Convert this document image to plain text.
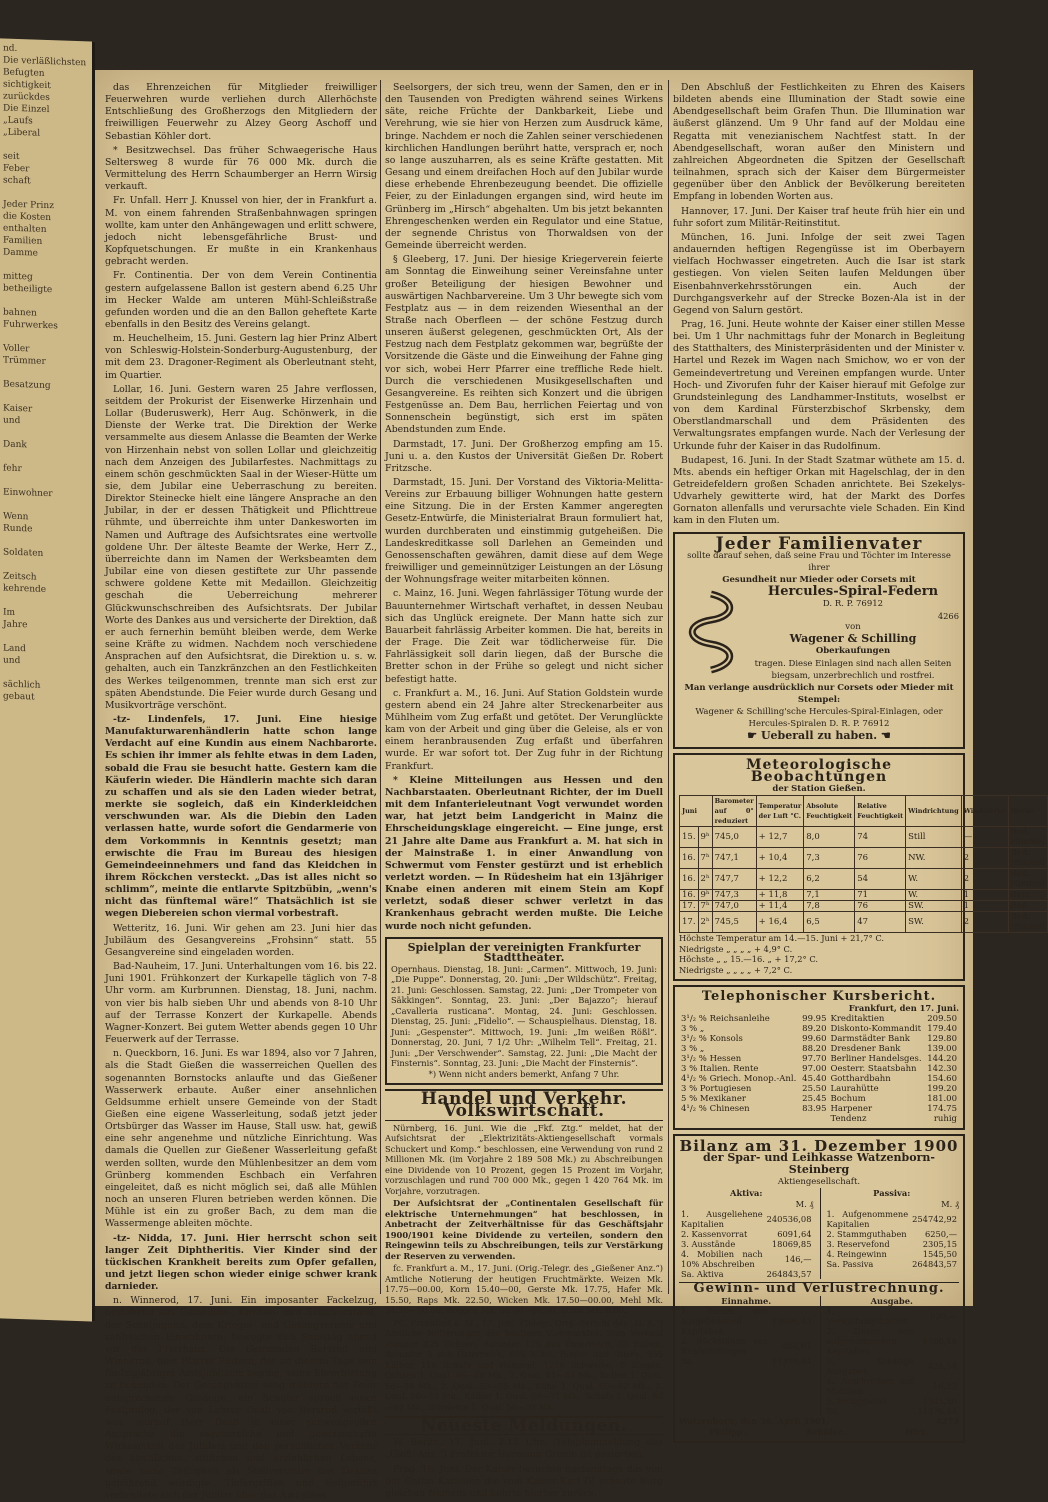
nd.
Die verläßlichsten
Befugten
sichtigkeit
zurückdes
Die Einzel
„Laufs
„Liberal

seit
Feber
schaft

Jeder Prinz
die Kosten
enthalten
Familien
Damme

mitteg
betheiligte

bahnen
Fuhrwerkes

Voller
Trümmer

Besatzung

Kaiser
und

Dank

fehr

Einwohner

Wenn
Runde

Soldaten

Zeitsch
kehrende

Im
Jahre

Land
und

sächlich
gebaut

das Ehrenzeichen für Mitglieder freiwilliger Feuerwehren wurde verliehen durch Allerhöchste Entschließung des Großherzogs den Mitgliedern der freiwilligen Feuerwehr zu Alzey Georg Aschoff und Sebastian Köhler dort.

* Besitzwechsel. Das früher Schwaegerische Haus Seltersweg 8 wurde für 76 000 Mk. durch die Vermittelung des Herrn Schaumberger an Herrn Wirsig verkauft.

Fr. Unfall. Herr J. Knussel von hier, der in Frankfurt a. M. von einem fahrenden Straßenbahnwagen springen wollte, kam unter den Anhängewagen und erlitt schwere, jedoch nicht lebensgefährliche Brust- und Kopfquetschungen. Er mußte in ein Krankenhaus gebracht werden.

Fr. Continentia. Der von dem Verein Continentia gestern aufgelassene Ballon ist gestern abend 6.25 Uhr im Hecker Walde am unteren Mühl-Schleißstraße gefunden worden und die an den Ballon geheftete Karte ebenfalls in den Besitz des Vereins gelangt.

m. Heuchelheim, 15. Juni. Gestern lag hier Prinz Albert von Schleswig-Holstein-Sonderburg-Augustenburg, der mit dem 23. Dragoner-Regiment als Oberleutnant steht, im Quartier.

Lollar, 16. Juni. Gestern waren 25 Jahre verflossen, seitdem der Prokurist der Eisenwerke Hirzenhain und Lollar (Buderuswerk), Herr Aug. Schönwerk, in die Dienste der Werke trat. Die Direktion der Werke versammelte aus diesem Anlasse die Beamten der Werke von Hirzenhain nebst von sollen Lollar und gleichzeitig nach dem Anzeigen des Jubilarfestes. Nachmittags zu einem schön geschmückten Saal in der Wieser-Hütte um sie, dem Jubilar eine Ueberraschung zu bereiten. Direktor Steinecke hielt eine längere Ansprache an den Jubilar, in der er dessen Thätigkeit und Pflichttreue rühmte, und überreichte ihm unter Dankesworten im Namen und Auftrage des Aufsichtsrates eine wertvolle goldene Uhr. Der älteste Beamte der Werke, Herr Z., überreichte dann im Namen der Werksbeamten dem Jubilar eine von diesen gestiftete zur Uhr passende schwere goldene Kette mit Medaillon. Gleichzeitig geschah die Ueberreichung mehrerer Glückwunschschreiben des Aufsichtsrats. Der Jubilar Worte des Dankes aus und versicherte der Direktion, daß er auch fernerhin bemüht bleiben werde, dem Werke seine Kräfte zu widmen. Nachdem noch verschiedene Ansprachen auf den Aufsichtsrat, die Direktion u. s. w. gehalten, auch ein Tanzkränzchen an den Festlichkeiten des Werkes teilgenommen, trennte man sich erst zur späten Abendstunde. Die Feier wurde durch Gesang und Musikvorträge verschönt.

-tz- Lindenfels, 17. Juni. Eine hiesige Manufakturwarenhändlerin hatte schon lange Verdacht auf eine Kundin aus einem Nachbarorte. Es schien ihr immer als fehlte etwas in dem Laden, sobald die Frau sie besucht hatte. Gestern kam die Käuferin wieder. Die Händlerin machte sich daran zu schaffen und als sie den Laden wieder betrat, merkte sie sogleich, daß ein Kinderkleidchen verschwunden war. Als die Diebin den Laden verlassen hatte, wurde sofort die Gendarmerie von dem Vorkommnis in Kenntnis gesetzt; man erwischte die Frau im Bureau des hiesigen Gemeindeeinnehmers und fand das Kleidchen in ihrem Röckchen versteckt. „Das ist alles nicht so schlimm“, meinte die entlarvte Spitzbübin, „wenn's nicht das fünftemal wäre!“ Thatsächlich ist sie wegen Diebereien schon viermal vorbestraft.

Wetteritz, 16. Juni. Wir gehen am 23. Juni hier das Jubiläum des Gesangvereins „Frohsinn“ statt. 55 Gesangvereine sind eingeladen worden.

Bad-Nauheim, 17. Juni. Unterhaltungen vom 16. bis 22. Juni 1901. Frühkonzert der Kurkapelle täglich von 7-8 Uhr vorm. am Kurbrunnen. Dienstag, 18. Juni, nachm. von vier bis halb sieben Uhr und abends von 8-10 Uhr auf der Terrasse Konzert der Kurkapelle. Abends Wagner-Konzert. Bei gutem Wetter abends gegen 10 Uhr Feuerwerk auf der Terrasse.

n. Queckborn, 16. Juni. Es war 1894, also vor 7 Jahren, als die Stadt Gießen die wasserreichen Quellen des sogenannten Bornstocks anlaufte und das Gießener Wasserwerk erbaute. Außer einer ansehnlichen Geldsumme erhielt unsere Gemeinde von der Stadt Gießen eine eigene Wasserleitung, sodaß jetzt jeder Ortsbürger das Wasser im Hause, Stall usw. hat, gewiß eine sehr angenehme und nützliche Einrichtung. Was damals die Quellen zur Gießener Wasserleitung gefaßt werden sollten, wurde den Mühlenbesitzer an dem vom Grünberg kommenden Eschbach ein Verfahren eingeleitet, daß es nicht möglich sei, daß alle Mühlen noch an unseren Fluren betrieben werden können. Die Mühle ist ein zu großer Bach, zu dem man die Wassermenge ableiten möchte.

-tz- Nidda, 17. Juni. Hier herrscht schon seit langer Zeit Diphtheritis. Vier Kinder sind der tückischen Krankheit bereits zum Opfer gefallen, und jetzt liegen schon wieder einige schwer krank darnieder.

n. Winnerod, 17. Juni. Ein imposanter Fackelzug, bestehend aus Gemeinde-, Kirchen- und Schulvorstand, der Schuljugend, dem Krieger- und Gesangvereine und zahlreichen Einwohnern, bewegte sich Samstag abend vor das Pfarrhaus. Die Gemeinden Bersrod und Winnerod, dem Pfarrer Rüdsen, der an diesem Tage sein fünfzigjähriges Amtsjubiläum beging, seine Ehrerbietung zu bekunden. Der Gesangverein sang mehrere der Feier entsprechende Gesänge, ein Schüler sprach einen Festprolog, der von Lehrer Daab von Bersrod verfaßt war, worauf Herr Daab in einer schwungvollen Ansprache die segensreiche und gewissenhafte Wirksamkeit des Jubilars und den persönlichen Verkehr des kirchlichen, sittlichen und erziehlichen Lebens, sowie seine Thätigkeit als Stellvertreter des Dekans gebührend würdigte. Tiefergriffen und tiefgerührt verbreitete sich der Jubilar über das Amt eines

Seelsorgers, der sich treu, wenn der Samen, den er in den Tausenden von Predigten während seines Wirkens säte, reiche Früchte der Dankbarkeit, Liebe und Verehrung, wie sie hier von Herzen zum Ausdruck käme, bringe. Nachdem er noch die Zahlen seiner verschiedenen kirchlichen Handlungen berührt hatte, versprach er, noch so lange auszuharren, als es seine Kräfte gestatten. Mit Gesang und einem dreifachen Hoch auf den Jubilar wurde diese erhebende Ehrenbezeugung beendet. Die offizielle Feier, zu der Einladungen ergangen sind, wird heute im Grünberg im „Hirsch“ abgehalten. Um bis jetzt bekannten Ehrengeschenken werden ein Regulator und eine Statue, der segnende Christus von Thorwaldsen von der Gemeinde überreicht werden.

§ Gleeberg, 17. Juni. Der hiesige Kriegerverein feierte am Sonntag die Einweihung seiner Vereinsfahne unter großer Beteiligung der hiesigen Bewohner und auswärtigen Nachbarvereine. Um 3 Uhr bewegte sich vom Festplatz aus — in dem reizenden Wiesenthal an der Straße nach Oberfleen — der schöne Festzug durch unseren äußerst gelegenen, geschmückten Ort, Als der Festzug nach dem Festplatz gekommen war, begrüßte der Vorsitzende die Gäste und die Einweihung der Fahne ging vor sich, wobei Herr Pfarrer eine treffliche Rede hielt. Durch die verschiedenen Musikgesellschaften und Gesangvereine. Es reihten sich Konzert und die übrigen Festgenüsse an. Dem Bau, herrlichen Feiertag und von Sonnenschein begünstigt, sich erst im späten Abendstunden zum Ende.

Darmstadt, 17. Juni. Der Großherzog empfing am 15. Juni u. a. den Kustos der Universität Gießen Dr. Robert Fritzsche.

Darmstadt, 15. Juni. Der Vorstand des Viktoria-Melitta-Vereins zur Erbauung billiger Wohnungen hatte gestern eine Sitzung. Die in der Ersten Kammer angeregten Gesetz-Entwürfe, die Ministerialrat Braun formuliert hat, wurden durchberaten und einstimmig gutgeheißen. Die Landeskreditkasse soll Darlehen an Gemeinden und Genossenschaften gewähren, damit diese auf dem Wege freiwilliger und gemeinnütziger Leistungen an der Lösung der Wohnungsfrage weiter mitarbeiten können.

c. Mainz, 16. Juni. Wegen fahrlässiger Tötung wurde der Bauunternehmer Wirtschaft verhaftet, in dessen Neubau sich das Unglück ereignete. Der Mann hatte sich zur Bauarbeit fahrlässig Arbeiter kommen. Die hat, bereits in der Frage. Die Zeit war tödlicherweise für. Die Fahrlässigkeit soll darin liegen, daß der Bursche die Bretter schon in der Frühe so gelegt und nicht sicher befestigt hatte.

c. Frankfurt a. M., 16. Juni. Auf Station Goldstein wurde gestern abend ein 24 Jahre alter Streckenarbeiter aus Mühlheim vom Zug erfaßt und getötet. Der Verunglückte kam von der Arbeit und ging über die Geleise, als er von einem heranbrausenden Zug erfaßt und überfahren wurde. Er war sofort tot. Der Zug fuhr in der Richtung Frankfurt.

* Kleine Mitteilungen aus Hessen und den Nachbarstaaten. Oberleutnant Richter, der im Duell mit dem Infanterieleutnant Vogt verwundet worden war, hat jetzt beim Landgericht in Mainz die Ehrscheidungsklage eingereicht. — Eine junge, erst 21 Jahre alte Dame aus Frankfurt a. M. hat sich in der Mainstraße 1. in einer Anwandlung von Schwermut vom Fenster gestürzt und ist erheblich verletzt worden. — In Rüdesheim hat ein 13jähriger Knabe einen anderen mit einem Stein am Kopf verletzt, sodaß dieser schwer verletzt in das Krankenhaus gebracht werden mußte. Die Leiche wurde noch nicht gefunden.

Spielplan der vereinigten Frankfurter Stadttheater.
Opernhaus. Dienstag, 18. Juni: „Carmen“. Mittwoch, 19. Juni: „Die Puppe“. Donnerstag, 20. Juni: „Der Wildschütz“. Freitag, 21. Juni: Geschlossen. Samstag, 22. Juni: „Der Trompeter von Säkkingen“. Sonntag, 23. Juni: „Der Bajazzo“; hierauf „Cavalleria rusticana“. Montag, 24. Juni: Geschlossen. Dienstag, 25. Juni: „Fidelio“. — Schauspielhaus. Dienstag, 18. Juni: „Gespenster“. Mittwoch, 19. Juni: „Im weißen Rößl“. Donnerstag, 20. Juni, 7 1/2 Uhr: „Wilhelm Tell“. Freitag, 21. Juni: „Der Verschwender“. Samstag, 22. Juni: „Die Macht der Finsternis“. Sonntag, 23. Juni: „Die Macht der Finsternis“.
*) Wenn nicht anders bemerkt, Anfang 7 Uhr.
Handel und Verkehr. Volkswirtschaft.

Nürnberg, 16. Juni. Wie die „Fkf. Ztg.“ meldet, hat der Aufsichtsrat der „Elektrizitäts-Aktiengesellschaft vormals Schuckert und Komp.“ beschlossen, eine Verwendung von rund 2 Millionen Mk. (im Vorjahre 2 189 508 Mk.) zu Abschreibungen eine Dividende von 10 Prozent, gegen 15 Prozent im Vorjahr, vorzuschlagen und rund 700 000 Mk., gegen 1 420 764 Mk. im Vorjahre, vorzutragen.

Der Aufsichtsrat der „Continentalen Gesellschaft für elektrische Unternehmungen“ hat beschlossen, in Anbetracht der Zeitverhältnisse für das Geschäftsjahr 1900/1901 keine Dividende zu verteilen, sondern den Reingewinn teils zu Abschreibungen, teils zur Verstärkung der Reserven zu verwenden.

fc. Frankfurt a. M., 17. Juni. (Orig.-Telegr. des „Gießener Anz.“) Amtliche Notierung der heutigen Fruchtmärkte. Weizen Mk. 17.75—00.00, Korn 15.40—00, Gerste Mk. 17.75, Hafer Mk. 15.50, Raps Mk. 22.50, Wicken Mk. 17.50—00.00, Mehl Mk. 24.50—00.00, Roggen Mk. 00.00—00.00, Stroh Mk. 0.00.

FC. Frankfurt a. M., 17. Juni. (Telegr. Orig.-Bericht des „G. A.“) Amtliche Notierungen des heutigen Viehmarktes. Zum Verkauf standen 425 Ochsen, darunter 125 aus Österreich, 30 Bullen, darunter 5 aus Österreich, 605 Kühe, Rinder und Stiere, 355 Kälber, 118 Schafe und Hammel, 1226 Schweine, 0 Ziegen. Ochsen 1. Qual. 66—68 Mk., 2. Qual. 61—63 Mk., Bullen 1. Qual. 56—58 Mk., 2. Qual. 53—55 Mk., Kühe 1. Qual. 60—62 Mk., 2. Qual. 50—52 Mk., Kälber 1. Qual. 69—71 Mk., Schafe 1. Qual. 60—62 Mk., Schweine 1. Qual. 50—52 Mk.

Neueste Meldungen.

W. Berlin, 17. Juni. 2.15 Uhr. (Telephonmeldung des „Gieß. Anz.“) Professor Hermann Grimm ist gestorben.

Prag, 16. Juni. Der Kaiser besuchte nachmittags das von der Gattin Karlstein die vom Kaiser Karl IV. erbaute Burg gleichen Namens und kehrte hierher zurück.

Den Abschluß der Festlichkeiten zu Ehren des Kaisers bildeten abends eine Illumination der Stadt sowie eine Abendgesellschaft beim Grafen Thun. Die Illumination war äußerst glänzend. Um 9 Uhr fand auf der Moldau eine Regatta mit venezianischem Nachtfest statt. In der Abendgesellschaft, woran außer den Ministern und zahlreichen Abgeordneten die Spitzen der Gesellschaft teilnahmen, sprach sich der Kaiser dem Bürgermeister gegenüber über den Anblick der Bevölkerung bereiteten Empfang in lobenden Worten aus.

Hannover, 17. Juni. Der Kaiser traf heute früh hier ein und fuhr sofort zum Militär-Reitinstitut.

München, 16. Juni. Infolge der seit zwei Tagen andauernden heftigen Regengüsse ist im Oberbayern vielfach Hochwasser eingetreten. Auch die Isar ist stark gestiegen. Von vielen Seiten laufen Meldungen über Eisenbahnverkehrsstörungen ein. Auch der Durchgangsverkehr auf der Strecke Bozen-Ala ist in der Gegend von Salurn gestört.

Prag, 16. Juni. Heute wohnte der Kaiser einer stillen Messe bei. Um 1 Uhr nachmittags fuhr der Monarch in Begleitung des Statthalters, des Ministerpräsidenten und der Minister v. Hartel und Rezek im Wagen nach Smichow, wo er von der Gemeindevertretung und Vereinen empfangen wurde. Unter Hoch- und Zivorufen fuhr der Kaiser hierauf mit Gefolge zur Grundsteinlegung des Landhammer-Instituts, woselbst er von dem Kardinal Fürsterzbischof Skrbensky, dem Oberstlandmarschall und dem Präsidenten des Verwaltungsrates empfangen wurde. Nach der Verlesung der Urkunde fuhr der Kaiser in das Rudolfinum.

Budapest, 16. Juni. In der Stadt Szatmar wüthete am 15. d. Mts. abends ein heftiger Orkan mit Hagelschlag, der in den Getreidefeldern großen Schaden anrichtete. Bei Szekelys-Udvarhely gewitterte wird, hat der Markt des Dorfes Gornaton allenfalls und verursachte viele Schaden. Ein Kind kam in den Fluten um.

Jeder Familienvater
sollte darauf sehen, daß seine Frau und Töchter im Interesse ihrer
Gesundheit nur Mieder oder Corsets mit
Hercules-Spiral-Federn
D. R. P. 76912
4266
von
Wagener & Schilling
Oberkaufungen
tragen. Diese Einlagen sind nach allen Seiten biegsam, unzerbrechlich und rostfrei.
Man verlange ausdrücklich nur Corsets oder Mieder mit Stempel:
Wagener & Schilling'sche Hercules-Spiral-Einlagen, oder Hercules-Spiralen D. R. P. 76912
☛ Ueberall zu haben. ☚
Meteorologische Beobachtungen
der Station Gießen.
Juni		Barometer auf 0° reduziert	Temperatur der Luft °C.	Absolute Feuchtigkeit	Relative Feuchtigkeit	Windrichtung	Windstärke	Wetter
15.	9ʰ	745,0	+ 12,7	8,0	74	Still	—	Bed. Himmel
16.	7ʰ	747,1	+ 10,4	7,3	76	NW.	2	Bed. Himmel
16.	2ʰ	747,7	+ 12,2	6,2	54	W.	2	Bed. Himmel
16.	9ʰ	747,3	+ 11,8	7,1	71	W.	1	Bew.
17.	7ʰ	747,0	+ 11,4	7,8	76	SW.	1	Bed.
17.	2ʰ	745,5	+ 16,4	6,5	47	SW.	2	Bed. Himmel
Höchste Temperatur am 14.—15. Juni + 21,7° C.
Niedrigste „ „ „ „ + 4,9° C.
Höchste „ „ 15.—16. „ + 17,2° C.
Niedrigste „ „ „ „ + 7,2° C.
Telephonischer Kursbericht.
Frankfurt, den 17. Juni.
3¹/₂ % Reichsanleihe	99.95	Kreditaktien	209.50
3 % „	89.20	Diskonto-Kommandit	179.40
3¹/₂ % Konsols	99.60	Darmstädter Bank	129.80
3 % „	88.20	Dresdener Bank	139.00
3¹/₂ % Hessen	97.70	Berliner Handelsges.	144.20
3 % Italien. Rente	97.00	Oesterr. Staatsbahn	142.30
4¹/₂ % Griech. Monop.-Anl.	45.40	Gotthardbahn	154.60
3 % Portugiesen	25.50	Laurahütte	199.20
5 % Mexikaner	25.45	Bochum	181.00
4¹/₂ % Chinesen	83.95	Harpener	174.75
		Tendenz	ruhig
Bilanz am 31. Dezember 1900
der Spar- und Leihkasse Watzenborn-Steinberg
Aktiengesellschaft.
Aktiva:
M. ₰
1. Ausgeliehene Kapitalien	240536,08
2. Kassenvorrat	6091,64
3. Ausstände	18069,85
4. Mobilien nach 10% Abschreiben	146,—
Sa. Aktiva	264843,57
Passiva:
M. ₰
1. Aufgenommene Kapitalien	254742,92
2. Stammguthaben	6250,—
3. Reservefond	2305,15
4. Reingewinn	1545,50
Sa. Passiva	264843,57
Gewinn- und Verlustrechnung.
Einnahme.
1. Zinsen von ausgeliehenen Kapitalien	10906,43
2. Rückstände von Kaufschillingen	464,01
Sa.	11370,44
Ausgabe.
1. Verwaltungskosten	620,—
2. Zinsen von aufgenommenen Kapitalien	8760,18
3. Sonstige Ausgaben	428,54
4. Abschreiben auf Mobilien	16,22
5. Reingewinn	1545,50
Sa.	11370,44
Watzenborn, den 26. April 1901.	4273
Philipp.	Schäfer.	Hirz.
